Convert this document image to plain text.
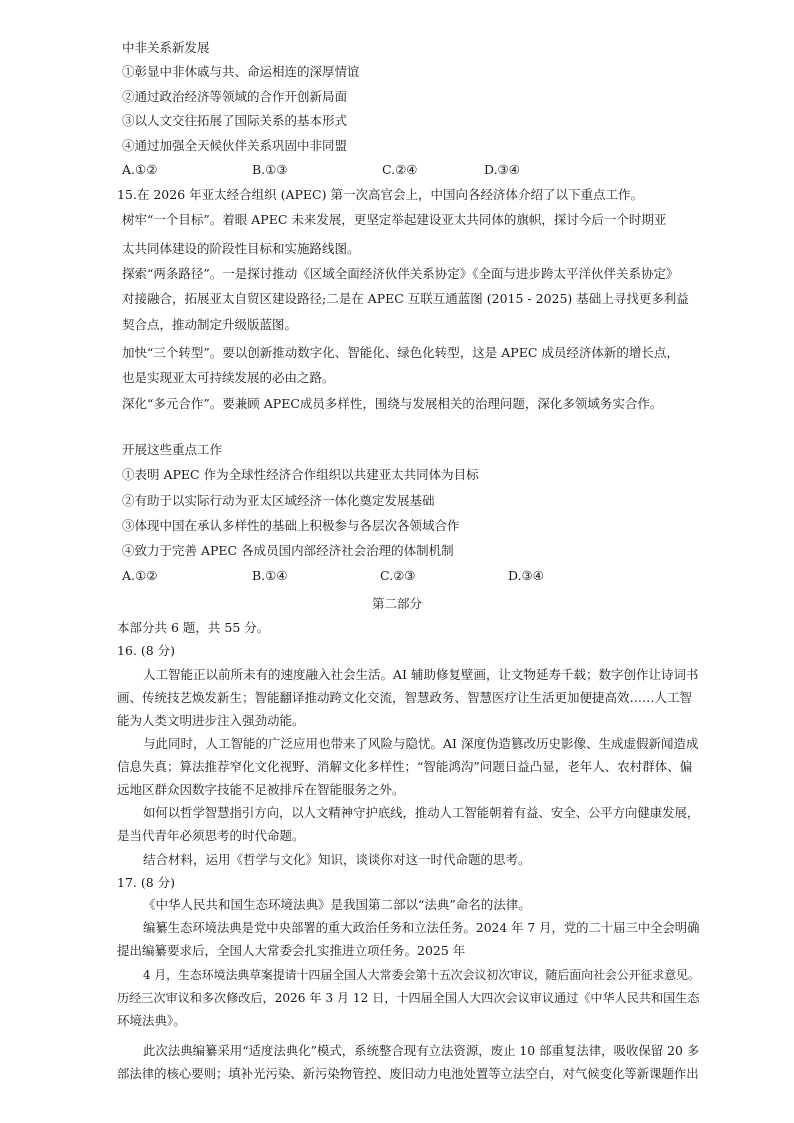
中非关系新发展
①彰显中非休戚与共、命运相连的深厚情谊
②通过政治经济等领域的合作开创新局面
③以人文交往拓展了国际关系的基本形式
④通过加强全天候伙伴关系巩固中非同盟
A.①②	B.①③	C.②④	D.③④
15.在 2026 年亚太经合组织 (APEC) 第一次高官会上，中国向各经济体介绍了以下重点工作。
树牢“一个目标”。着眼 APEC 未来发展，更坚定举起建设亚太共同体的旗帜，探讨今后一个时期亚
太共同体建设的阶段性目标和实施路线图。
探索“两条路径”。一是探讨推动《区域全面经济伙伴关系协定》《全面与进步跨太平洋伙伴关系协定》
对接融合，拓展亚太自贸区建设路径;二是在 APEC 互联互通蓝图 (2015 - 2025) 基础上寻找更多利益
契合点，推动制定升级版蓝图。
加快“三个转型”。要以创新推动数字化、智能化、绿色化转型，这是 APEC 成员经济体新的增长点，
也是实现亚太可持续发展的必由之路。
深化“多元合作”。要兼顾 APEC成员多样性，围绕与发展相关的治理问题，深化多领域务实合作。
开展这些重点工作
①表明 APEC 作为全球性经济合作组织以共建亚太共同体为目标
②有助于以实际行动为亚太区域经济一体化奠定发展基础
③体现中国在承认多样性的基础上积极参与各层次各领域合作
④致力于完善 APEC 各成员国内部经济社会治理的体制机制
A.①②	B.①④	C.②③	D.③④
第二部分
本部分共 6 题，共 55 分。
16. (8 分)
人工智能正以前所未有的速度融入社会生活。AI 辅助修复壁画，让文物延寿千载；数字创作让诗词书
画、传统技艺焕发新生；智能翻译推动跨文化交流，智慧政务、智慧医疗让生活更加便捷高效……人工智
能为人类文明进步注入强劲动能。
与此同时，人工智能的广泛应用也带来了风险与隐忧。AI 深度伪造篡改历史影像、生成虚假新闻造成
信息失真；算法推荐窄化文化视野、消解文化多样性；“智能鸿沟”问题日益凸显，老年人、农村群体、偏
远地区群众因数字技能不足被排斥在智能服务之外。
如何以哲学智慧指引方向，以人文精神守护底线，推动人工智能朝着有益、安全、公平方向健康发展，
是当代青年必须思考的时代命题。
结合材料，运用《哲学与文化》知识，谈谈你对这一时代命题的思考。
17. (8 分)
《中华人民共和国生态环境法典》是我国第二部以“法典”命名的法律。
编纂生态环境法典是党中央部署的重大政治任务和立法任务。2024 年 7 月，党的二十届三中全会明确
提出编纂要求后，全国人大常委会扎实推进立项任务。2025 年
4 月，生态环境法典草案提请十四届全国人大常委会第十五次会议初次审议，随后面向社会公开征求意见。
历经三次审议和多次修改后，2026 年 3 月 12 日，十四届全国人大四次会议审议通过《中华人民共和国生态
环境法典》。
此次法典编纂采用“适度法典化”模式，系统整合现有立法资源，废止 10 部重复法律，吸收保留 20 多
部法律的核心要则；填补光污染、新污染物管控、废旧动力电池处置等立法空白，对气候变化等新课题作出
